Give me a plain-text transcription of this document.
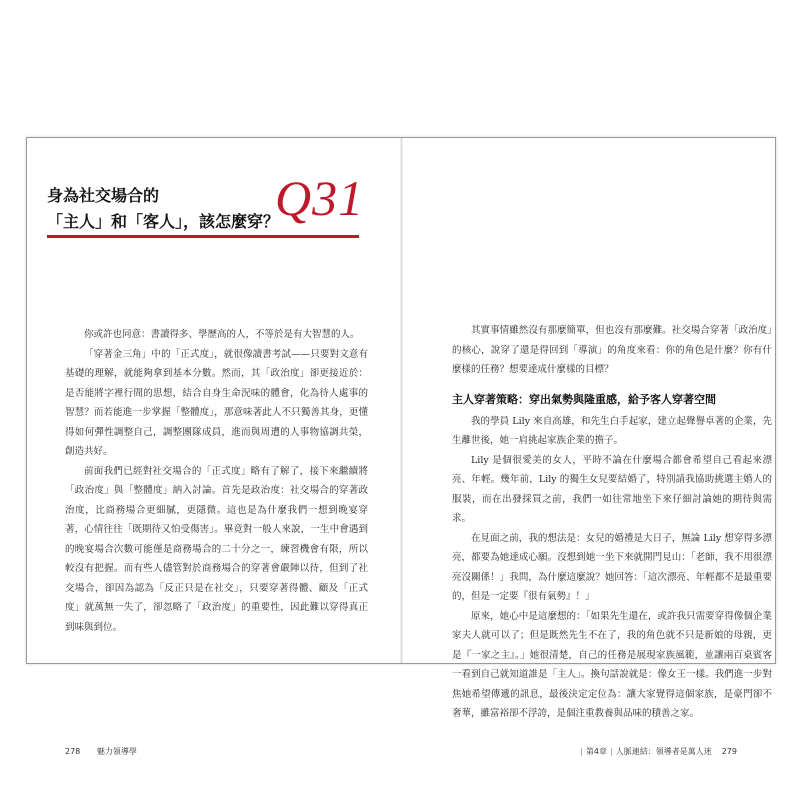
身為社交場合的
「主人」和「客人」，該怎麼穿？
Q31

你或許也同意：書讀得多、學歷高的人，不等於是有大智慧的人。

「穿著金三角」中的「正式度」，就很像讀書考試——只要對文意有基礎的理解，就能夠拿到基本分數。然而，其「政治度」卻更接近於：是否能將字裡行間的思想，結合自身生命況味的體會，化為待人處事的智慧？而若能進一步掌握「整體度」，那意味著此人不只獨善其身，更懂得如何彈性調整自己，調整團隊成員，進而與周遭的人事物協調共榮，創造共好。

前面我們已經對社交場合的「正式度」略有了解了，接下來繼續將「政治度」與「整體度」納入討論。首先是政治度：社交場合的穿著政治度，比商務場合更細膩，更隱微。這也是為什麼我們一想到晚宴穿著，心情往往「既期待又怕受傷害」。畢竟對一般人來說，一生中會遇到的晚宴場合次數可能僅是商務場合的二十分之一，練習機會有限，所以較沒有把握。而有些人儘管對於商務場合的穿著會嚴陣以待，但到了社交場合，卻因為認為「反正只是在社交」，只要穿著得體、顧及「正式度」就萬無一失了，卻忽略了「政治度」的重要性，因此難以穿得真正到味與到位。

278 魅力領導學

其實事情雖然沒有那麼簡單，但也沒有那麼難。社交場合穿著「政治度」的核心，說穿了還是得回到「導演」的角度來看：你的角色是什麼？你有什麼樣的任務？想要達成什麼樣的目標？

主人穿著策略：穿出氣勢與隆重感，給予客人穿著空間

我的學員 Lily 來自高雄，和先生白手起家，建立起聲譽卓著的企業，先生離世後，她一肩挑起家族企業的擔子。

Lily 是個很愛美的女人，平時不論在什麼場合都會希望自己看起來漂亮、年輕。幾年前，Lily 的獨生女兒要結婚了，特別請我協助挑選主婚人的服裝，而在出發採買之前，我們一如往常地坐下來仔細討論她的期待與需求。

在見面之前，我的想法是：女兒的婚禮是大日子，無論 Lily 想穿得多漂亮，都要為她達成心願。沒想到她一坐下來就開門見山：「老師，我不用很漂亮沒關係！」我問，為什麼這麼說？她回答：「這次漂亮、年輕都不是最重要的，但是一定要『很有氣勢』！」

原來，她心中是這麼想的：「如果先生還在，或許我只需要穿得像個企業家夫人就可以了；但是既然先生不在了，我的角色就不只是新娘的母親，更是『一家之主』。」她很清楚，自己的任務是展現家族風範，並讓兩百桌賓客一看到自己就知道誰是「主人」。換句話說就是：像女王一樣。我們進一步對焦她希望傳遞的訊息，最後決定定位為：讓大家覺得這個家族，是豪門卻不奢華，雖富裕卻不浮誇，是個注重教養與品味的積善之家。

| 第4章 | 人脈連結：領導者是萬人迷 279
